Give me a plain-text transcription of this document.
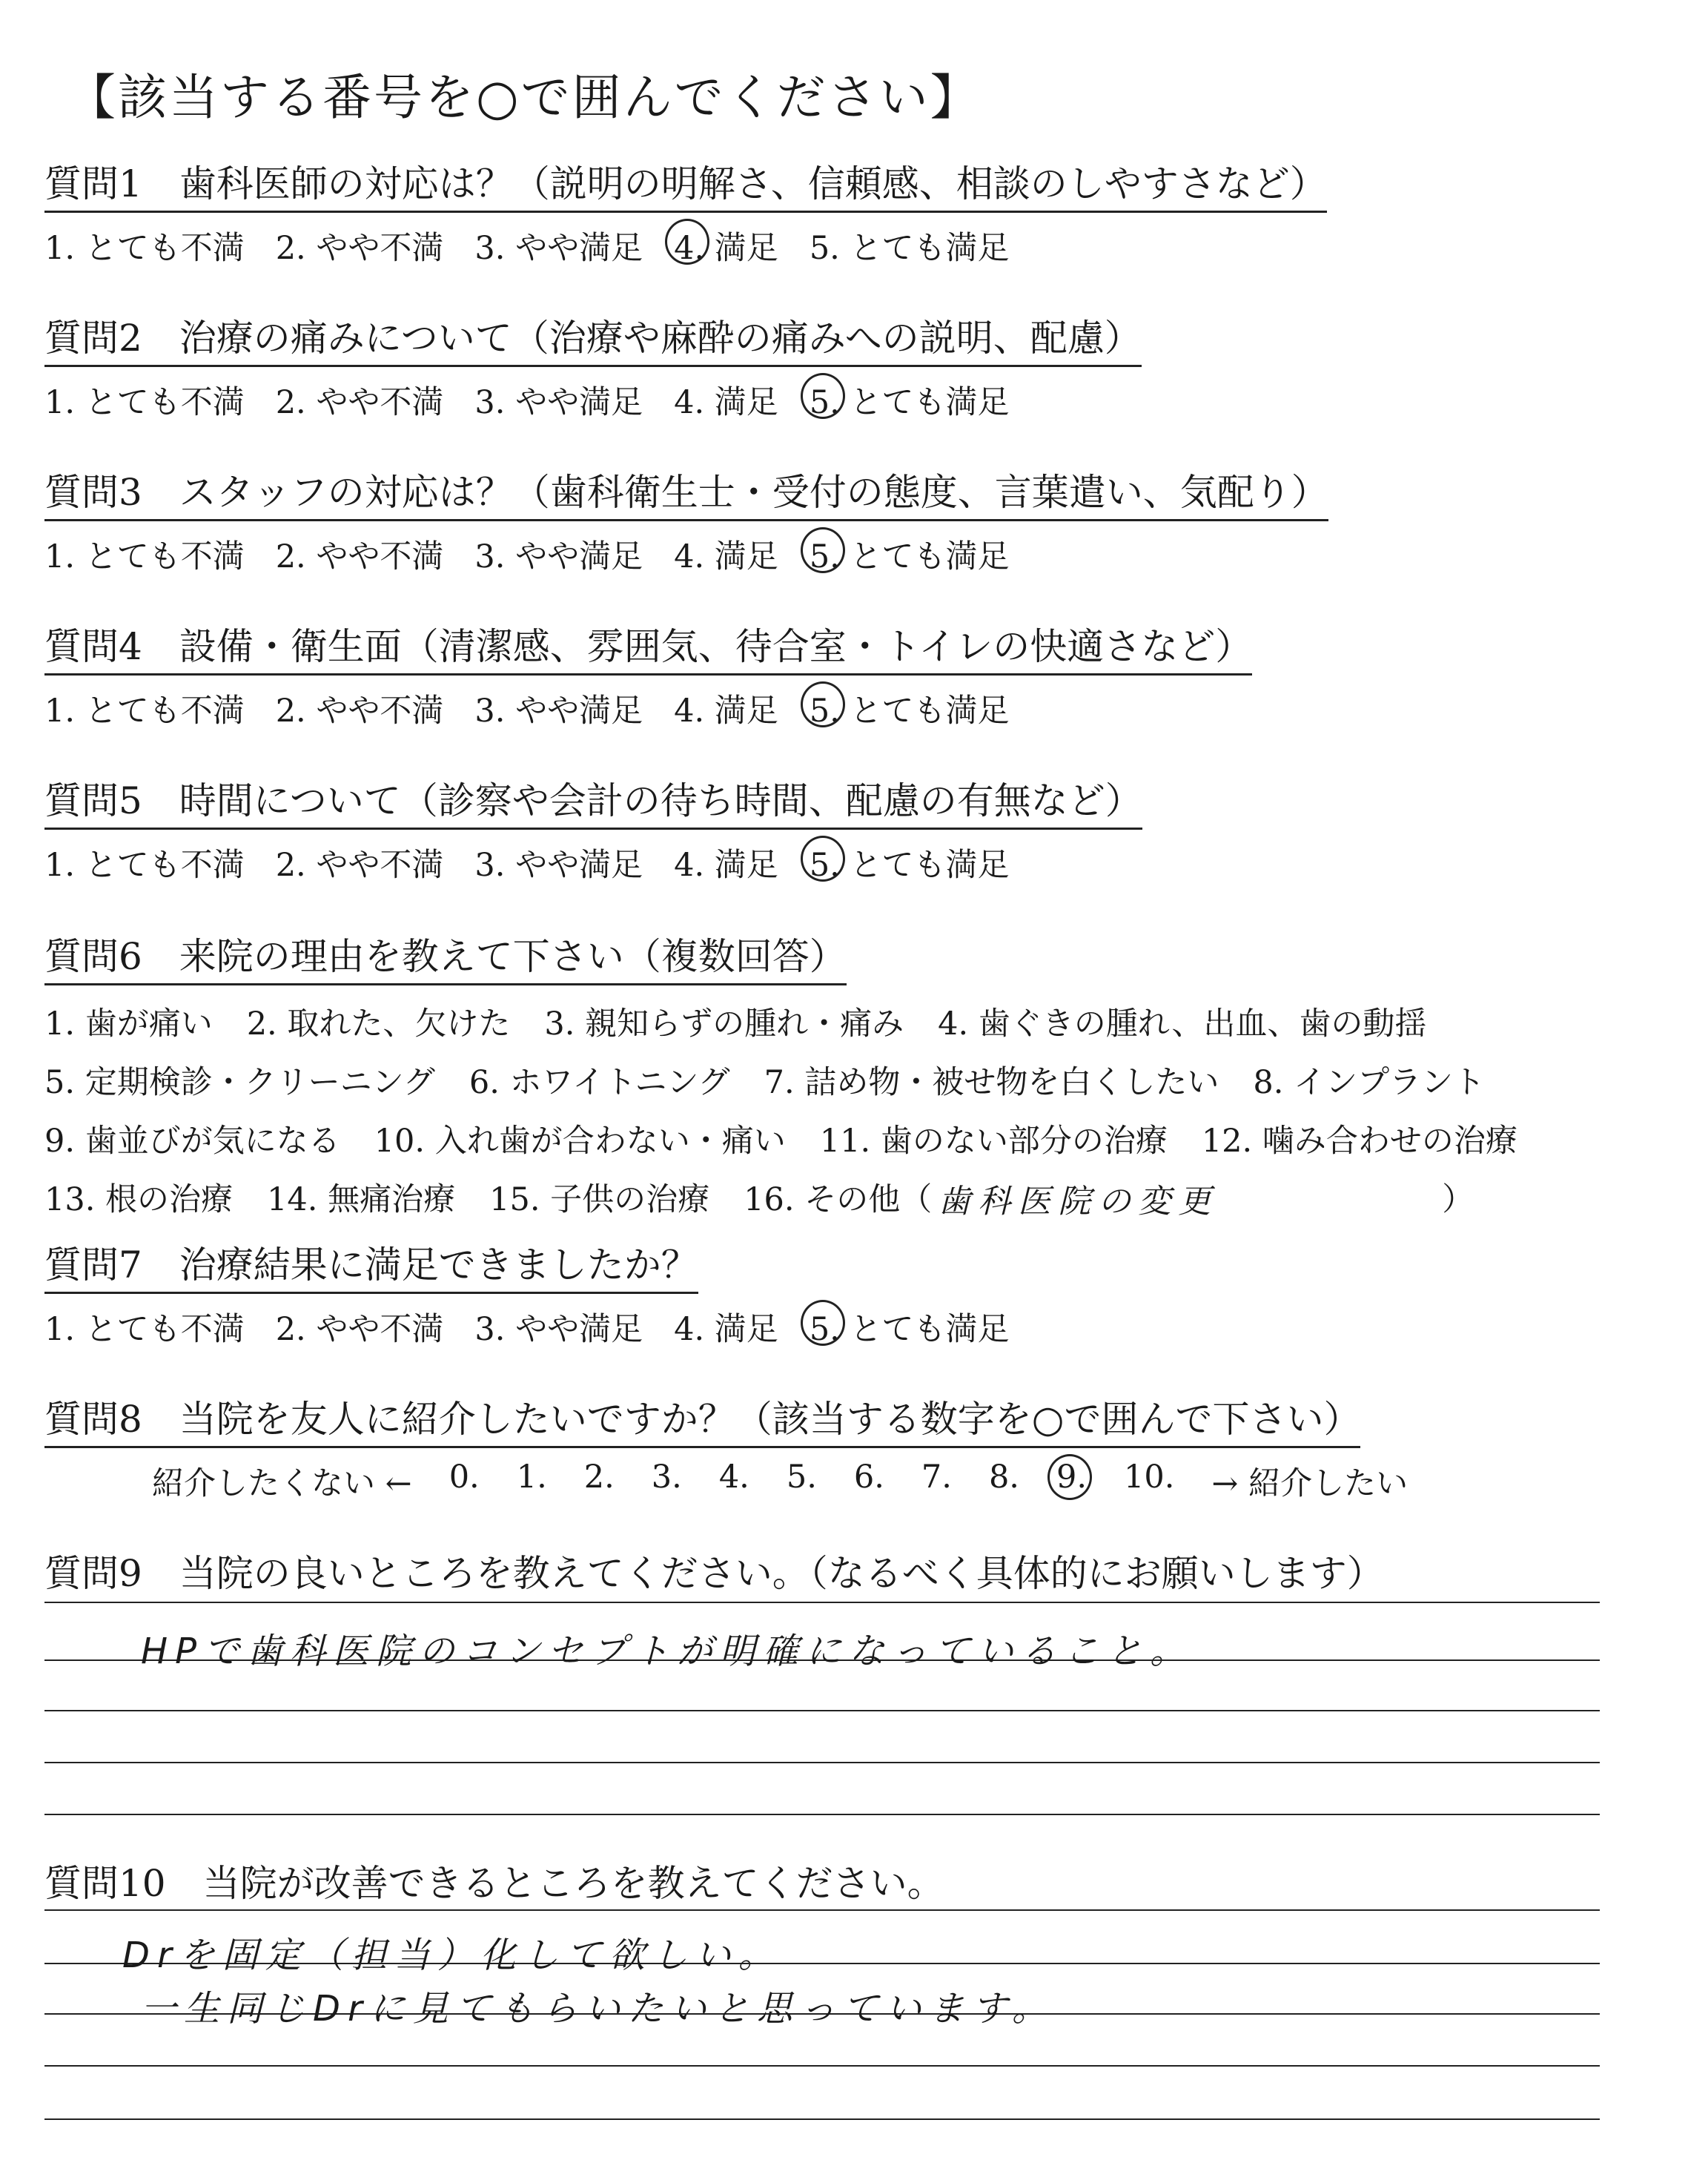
【該当する番号を○で囲んでください】
質問1　歯科医師の対応は？（説明の明解さ、信頼感、相談のしやすさなど）
1. とても不満 2. やや不満 3. やや満足 4. 満足 5. とても満足
質問2　治療の痛みについて（治療や麻酔の痛みへの説明、配慮）
1. とても不満 2. やや不満 3. やや満足 4. 満足 5. とても満足
質問3　スタッフの対応は？（歯科衛生士・受付の態度、言葉遣い、気配り）
1. とても不満 2. やや不満 3. やや満足 4. 満足 5. とても満足
質問4　設備・衛生面（清潔感、雰囲気、待合室・トイレの快適さなど）
1. とても不満 2. やや不満 3. やや満足 4. 満足 5. とても満足
質問5　時間について（診察や会計の待ち時間、配慮の有無など）
1. とても不満 2. やや不満 3. やや満足 4. 満足 5. とても満足
質問6　来院の理由を教えて下さい（複数回答）
1. 歯が痛い 2. 取れた、欠けた 3. 親知らずの腫れ・痛み 4. 歯ぐきの腫れ、出血、歯の動揺
5. 定期検診・クリーニング 6. ホワイトニング 7. 詰め物・被せ物を白くしたい 8. インプラント
9. 歯並びが気になる 10. 入れ歯が合わない・痛い 11. 歯のない部分の治療 12. 噛み合わせの治療
13. 根の治療 14. 無痛治療 15. 子供の治療 16. その他（ 歯科医院の変更	）
質問7　治療結果に満足できましたか？
1. とても不満 2. やや不満 3. やや満足 4. 満足 5. とても満足
質問8　当院を友人に紹介したいですか？（該当する数字を○で囲んで下さい）
紹介したくない ← 0. 1. 2. 3. 4. 5. 6. 7. 8. 9. 10. → 紹介したい
質問9　当院の良いところを教えてください。（なるべく具体的にお願いします）
HPで歯科医院のコンセプトが明確になっていること。
質問10　当院が改善できるところを教えてください。
Drを固定（担当）化して欲しい。
一生同じDrに見てもらいたいと思っています。
